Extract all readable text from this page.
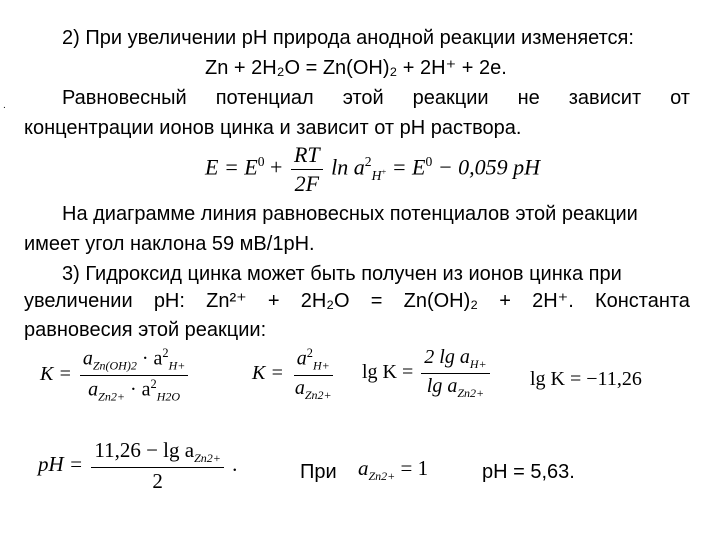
.
2) При увеличении pH природа анодной реакции изменяется:
Zn + 2H₂O = Zn(OH)₂ + 2H⁺ + 2e.
Равновесный потенциал этой реакции не зависит от
концентрации ионов цинка и зависит от pH раствора.
$E = E^0 + \frac{RT}{2F}$ $\ln a^2_{H^+} = E^0 - 0,059$ pH
На диаграмме линия равновесных потенциалов этой реакции
имеет угол наклона 59 мВ/1pH.
3) Гидроксид цинка может быть получен из ионов цинка при
увеличении pH: Zn²⁺ + 2H₂O = Zn(OH)₂ + 2H⁺. Константа
равновесия этой реакции:
$K = \frac{a_{Zn(OH)2} \cdot a^2_{H+}}{a_{Zn2+} \cdot a^2_{H2O}}$	$K = \frac{a^2_{H+}}{a_{Zn2+}}$ $\lg K = \frac{2 \lg a_{H+}}{\lg a_{Zn2+}}$ lg K = −11,26
pH = $\frac{11,26 - \lg a_{Zn2+}}{2}$ .	При $a_{Zn2+} = 1$	pH = 5,63.
